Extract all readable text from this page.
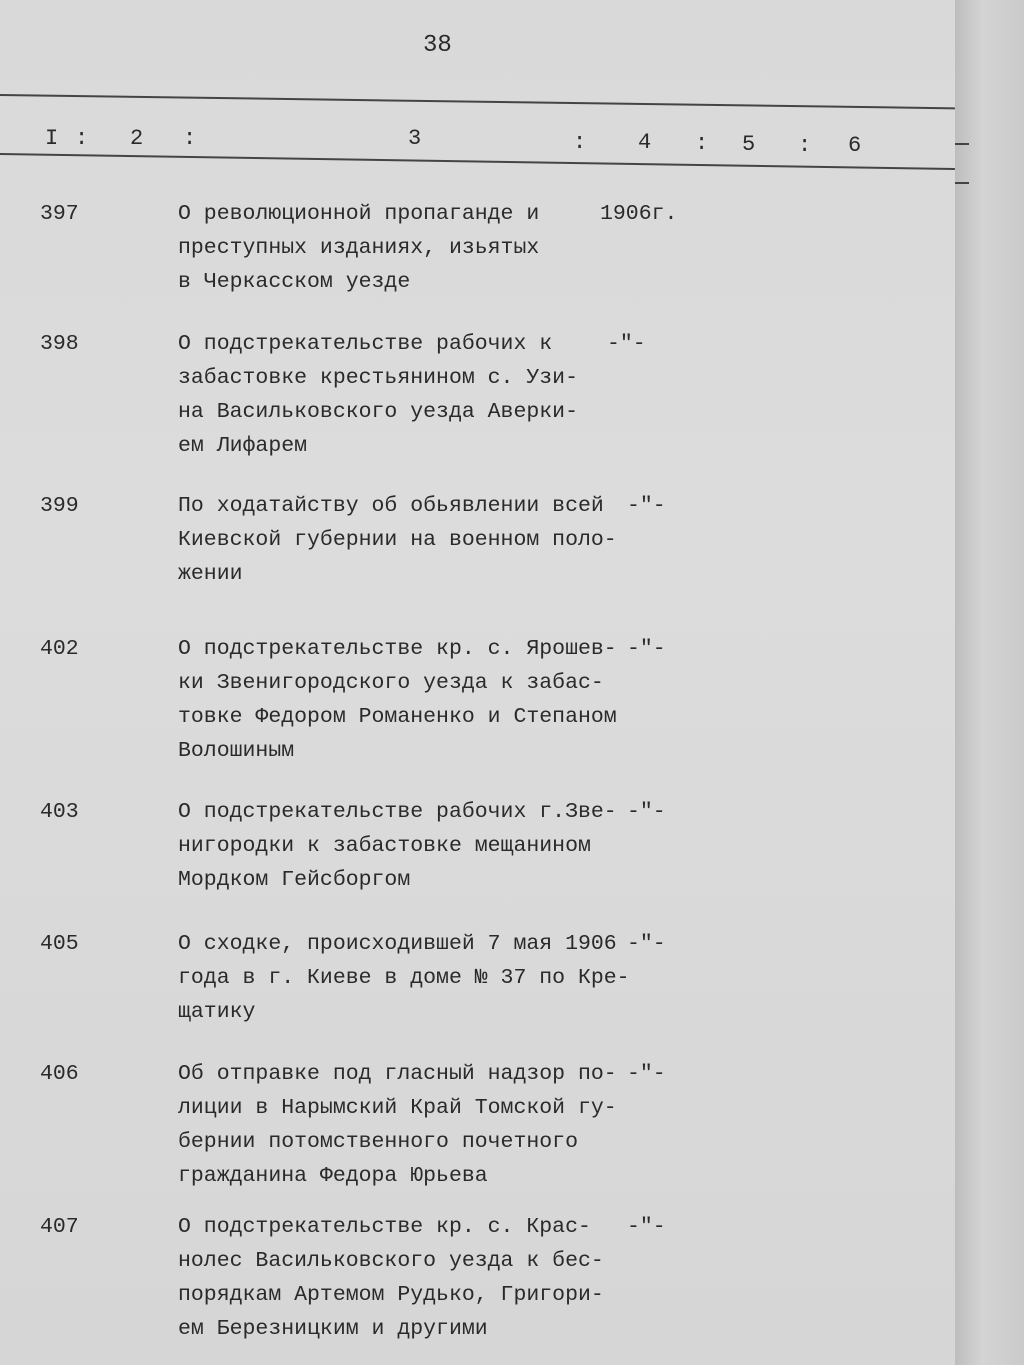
38
I : 2 :	3	: 4 : 5 : 6
397	О революционной пропаганде и
преступных изданиях, изьятых
в Черкасском уезде
1906г.
398	О подстрекательстве рабочих к
забастовке крестьянином с. Узи-
на Васильковского уезда Аверки-
ем Лифарем
-"-
399	По ходатайству об обьявлении всей
Киевской губернии на военном поло-
жении
-"-
402	О подстрекательстве кр. с. Ярошев-
ки Звенигородского уезда к забас-
товке Федором Романенко и Степаном
Волошиным
-"-
403	О подстрекательстве рабочих г.Зве-
нигородки к забастовке мещанином
Мордком Гейсборгом
-"-
405	О сходке, происходившей 7 мая 1906
года в г. Киеве в доме № 37 по Кре-
щатику
-"-
406	Об отправке под гласный надзор по-
лиции в Нарымский Край Томской гу-
бернии потомственного почетного
гражданина Федора Юрьева
-"-
407	О подстрекательстве кр. с. Крас-
нолес Васильковского уезда к бес-
порядкам Артемом Рудько, Григори-
ем Березницким и другими
-"-
